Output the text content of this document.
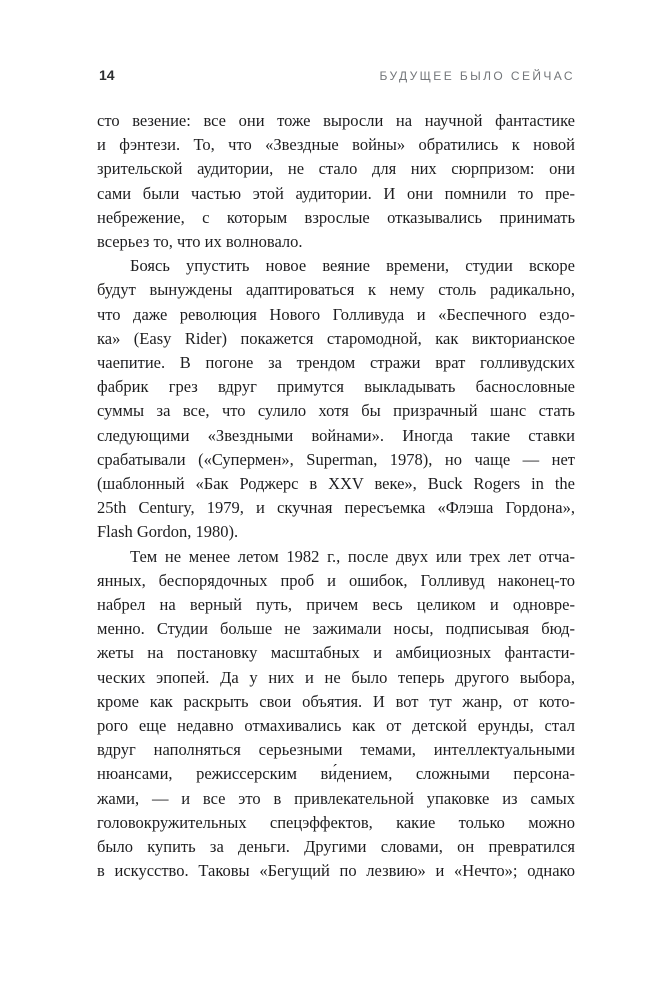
14	БУДУЩЕЕ БЫЛО СЕЙЧАС
сто везение: все они тоже выросли на научной фантастике
и фэнтези. То, что «Звездные войны» обратились к новой
зрительской аудитории, не стало для них сюрпризом: они
сами были частью этой аудитории. И они помнили то пре-
небрежение, с которым взрослые отказывались принимать
всерьез то, что их волновало.
Боясь упустить новое веяние времени, студии вскоре
будут вынуждены адаптироваться к нему столь радикально,
что даже революция Нового Голливуда и «Беспечного ездо-
ка» (Easy Rider) покажется старомодной, как викторианское
чаепитие. В погоне за трендом стражи врат голливудских
фабрик грез вдруг примутся выкладывать баснословные
суммы за все, что сулило хотя бы призрачный шанс стать
следующими «Звездными войнами». Иногда такие ставки
срабатывали («Супермен», Superman, 1978), но чаще — нет
(шаблонный «Бак Роджерс в XXV веке», Buck Rogers in the
25th Century, 1979, и скучная пересъемка «Флэша Гордона»,
Flash Gordon, 1980).
Тем не менее летом 1982 г., после двух или трех лет отча-
янных, беспорядочных проб и ошибок, Голливуд наконец-то
набрел на верный путь, причем весь целиком и одновре-
менно. Студии больше не зажимали носы, подписывая бюд-
жеты на постановку масштабных и амбициозных фантасти-
ческих эпопей. Да у них и не было теперь другого выбора,
кроме как раскрыть свои объятия. И вот тут жанр, от кото-
рого еще недавно отмахивались как от детской ерунды, стал
вдруг наполняться серьезными темами, интеллектуальными
нюансами, режиссерским ви́дением, сложными персона-
жами, — и все это в привлекательной упаковке из самых
головокружительных спецэффектов, какие только можно
было купить за деньги. Другими словами, он превратился
в искусство. Таковы «Бегущий по лезвию» и «Нечто»; однако
